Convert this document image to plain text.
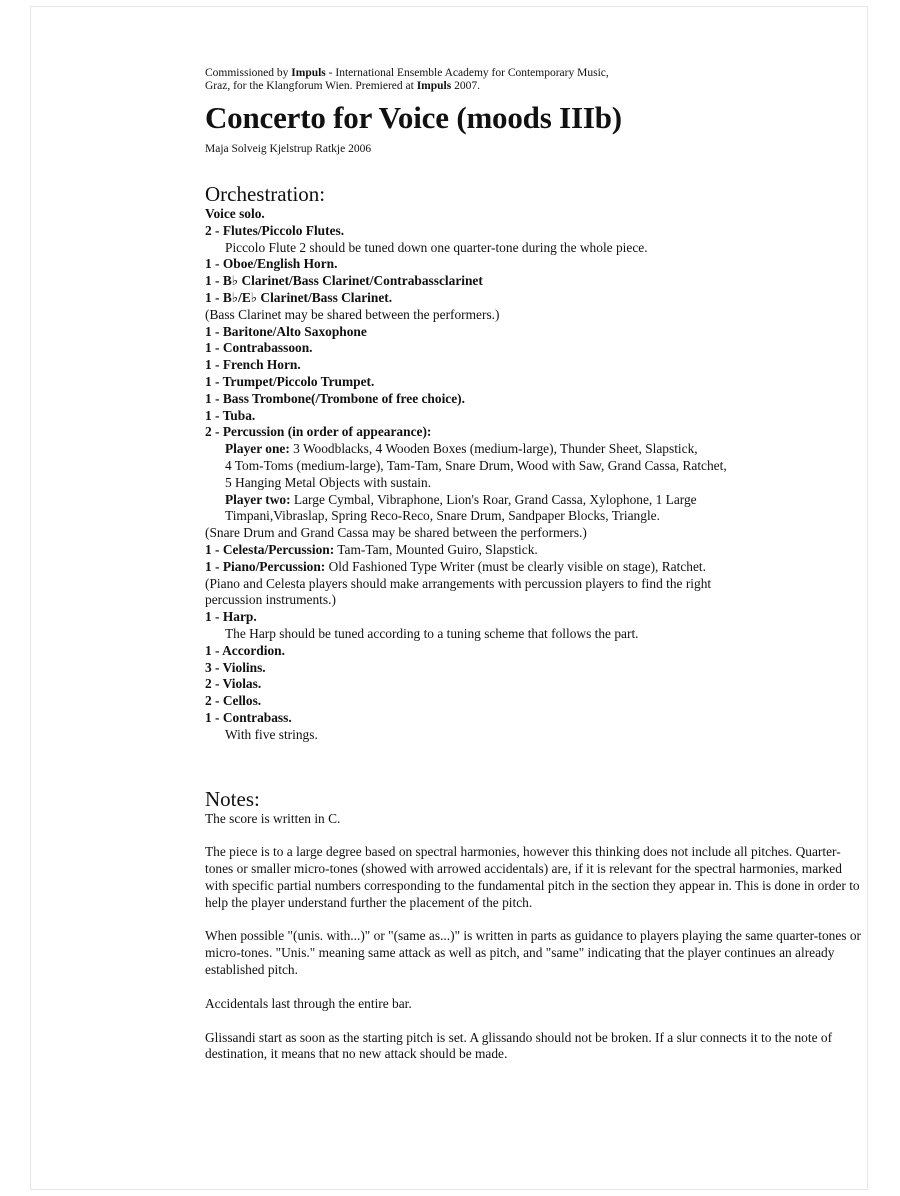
Commissioned by Impuls - International Ensemble Academy for Contemporary Music,
Graz, for the Klangforum Wien. Premiered at Impuls 2007.

Concerto for Voice (moods IIIb)

Maja Solveig Kjelstrup Ratkje 2006

Orchestration:
Voice solo.
2 - Flutes/Piccolo Flutes.
Piccolo Flute 2 should be tuned down one quarter-tone during the whole piece.
1 - Oboe/English Horn.
1 - B♭ Clarinet/Bass Clarinet/Contrabassclarinet
1 - B♭/E♭ Clarinet/Bass Clarinet.
(Bass Clarinet may be shared between the performers.)
1 - Baritone/Alto Saxophone
1 - Contrabassoon.
1 - French Horn.
1 - Trumpet/Piccolo Trumpet.
1 - Bass Trombone(/Trombone of free choice).
1 - Tuba.
2 - Percussion (in order of appearance):
Player one: 3 Woodblacks, 4 Wooden Boxes (medium-large), Thunder Sheet, Slapstick,
4 Tom-Toms (medium-large), Tam-Tam, Snare Drum, Wood with Saw, Grand Cassa, Ratchet,
5 Hanging Metal Objects with sustain.
Player two: Large Cymbal, Vibraphone, Lion's Roar, Grand Cassa, Xylophone, 1 Large
Timpani,Vibraslap, Spring Reco-Reco, Snare Drum, Sandpaper Blocks, Triangle.
(Snare Drum and Grand Cassa may be shared between the performers.)
1 - Celesta/Percussion: Tam-Tam, Mounted Guiro, Slapstick.
1 - Piano/Percussion: Old Fashioned Type Writer (must be clearly visible on stage), Ratchet.
(Piano and Celesta players should make arrangements with percussion players to find the right
percussion instruments.)
1 - Harp.
The Harp should be tuned according to a tuning scheme that follows the part.
1 - Accordion.
3 - Violins.
2 - Violas.
2 - Cellos.
1 - Contrabass.
With five strings.
Notes:

The score is written in C.

The piece is to a large degree based on spectral harmonies, however this thinking does not include all pitches. Quarter-tones or smaller micro-tones (showed with arrowed accidentals) are, if it is relevant for the spectral harmonies, marked with specific partial numbers corresponding to the fundamental pitch in the section they appear in. This is done in order to help the player understand further the placement of the pitch.

When possible "(unis. with...)" or "(same as...)" is written in parts as guidance to players playing the same quarter-tones or micro-tones. "Unis." meaning same attack as well as pitch, and "same" indicating that the player continues an already established pitch.

Accidentals last through the entire bar.

Glissandi start as soon as the starting pitch is set. A glissando should not be broken. If a slur connects it to the note of destination, it means that no new attack should be made.
